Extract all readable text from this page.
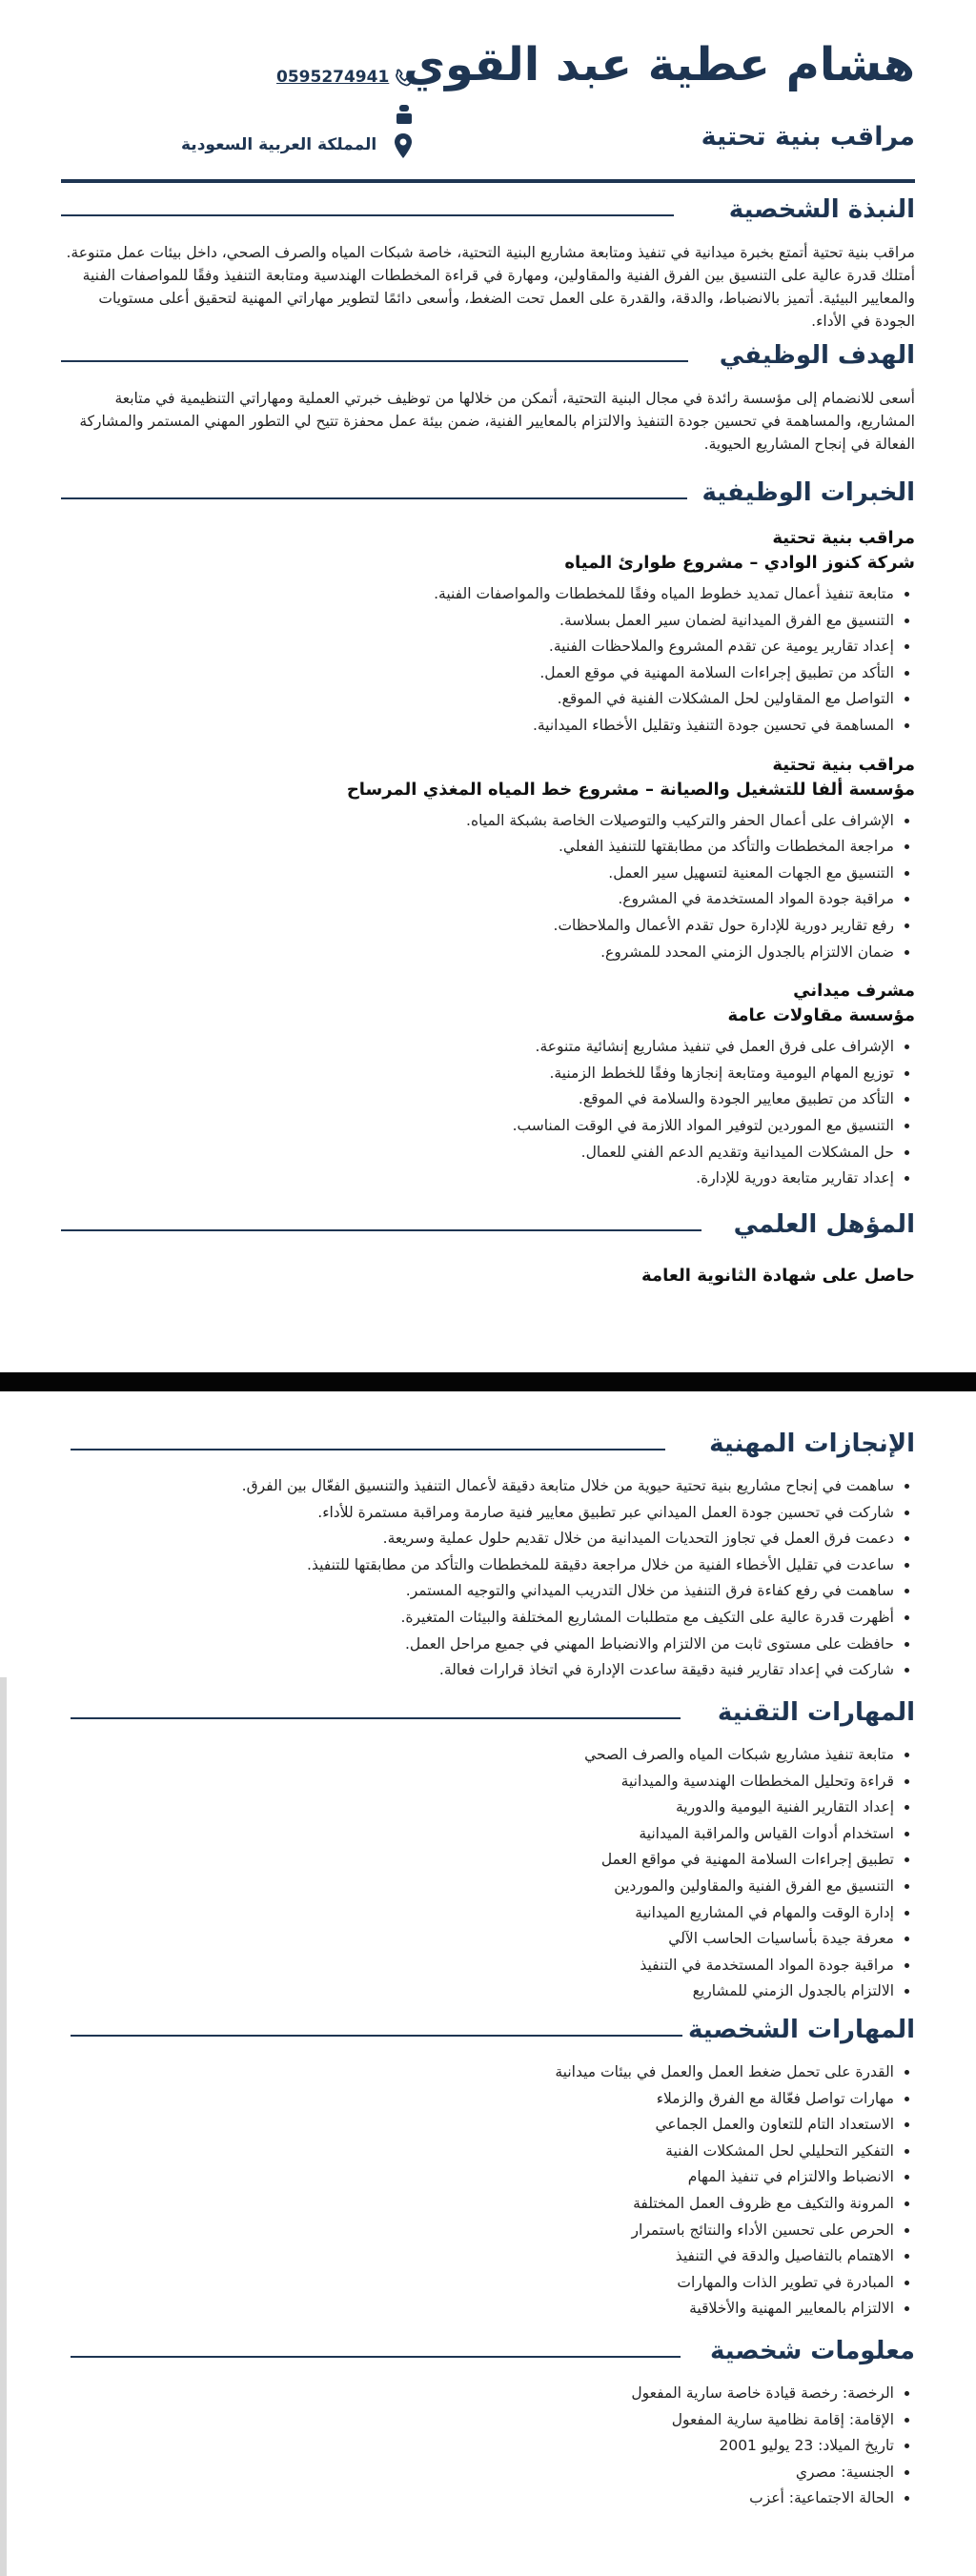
هشام عطية عبد القوي
مراقب بنية تحتية
0595274941
المملكة العربية السعودية
النبذة الشخصية

مراقب بنية تحتية أتمتع بخبرة ميدانية في تنفيذ ومتابعة مشاريع البنية التحتية، خاصة شبكات المياه والصرف الصحي، داخل بيئات عمل متنوعة. أمتلك قدرة عالية على التنسيق بين الفرق الفنية والمقاولين، ومهارة في قراءة المخططات الهندسية ومتابعة التنفيذ وفقًا للمواصفات الفنية والمعايير البيئية. أتميز بالانضباط، والدقة، والقدرة على العمل تحت الضغط، وأسعى دائمًا لتطوير مهاراتي المهنية لتحقيق أعلى مستويات الجودة في الأداء.

الهدف الوظيفي

أسعى للانضمام إلى مؤسسة رائدة في مجال البنية التحتية، أتمكن من خلالها من توظيف خبرتي العملية ومهاراتي التنظيمية في متابعة المشاريع، والمساهمة في تحسين جودة التنفيذ والالتزام بالمعايير الفنية، ضمن بيئة عمل محفزة تتيح لي التطور المهني المستمر والمشاركة الفعالة في إنجاح المشاريع الحيوية.

الخبرات الوظيفية

مراقب بنية تحتية

شركة كنوز الوادي – مشروع طوارئ المياه

• متابعة تنفيذ أعمال تمديد خطوط المياه وفقًا للمخططات والمواصفات الفنية.
• التنسيق مع الفرق الميدانية لضمان سير العمل بسلاسة.
• إعداد تقارير يومية عن تقدم المشروع والملاحظات الفنية.
• التأكد من تطبيق إجراءات السلامة المهنية في موقع العمل.
• التواصل مع المقاولين لحل المشكلات الفنية في الموقع.
• المساهمة في تحسين جودة التنفيذ وتقليل الأخطاء الميدانية.

مراقب بنية تحتية

مؤسسة ألفا للتشغيل والصيانة – مشروع خط المياه المغذي المرساح

• الإشراف على أعمال الحفر والتركيب والتوصيلات الخاصة بشبكة المياه.
• مراجعة المخططات والتأكد من مطابقتها للتنفيذ الفعلي.
• التنسيق مع الجهات المعنية لتسهيل سير العمل.
• مراقبة جودة المواد المستخدمة في المشروع.
• رفع تقارير دورية للإدارة حول تقدم الأعمال والملاحظات.
• ضمان الالتزام بالجدول الزمني المحدد للمشروع.

مشرف ميداني

مؤسسة مقاولات عامة

• الإشراف على فرق العمل في تنفيذ مشاريع إنشائية متنوعة.
• توزيع المهام اليومية ومتابعة إنجازها وفقًا للخطط الزمنية.
• التأكد من تطبيق معايير الجودة والسلامة في الموقع.
• التنسيق مع الموردين لتوفير المواد اللازمة في الوقت المناسب.
• حل المشكلات الميدانية وتقديم الدعم الفني للعمال.
• إعداد تقارير متابعة دورية للإدارة.
المؤهل العلمي

حاصل على شهادة الثانوية العامة

الإنجازات المهنية
• ساهمت في إنجاح مشاريع بنية تحتية حيوية من خلال متابعة دقيقة لأعمال التنفيذ والتنسيق الفعّال بين الفرق.
• شاركت في تحسين جودة العمل الميداني عبر تطبيق معايير فنية صارمة ومراقبة مستمرة للأداء.
• دعمت فرق العمل في تجاوز التحديات الميدانية من خلال تقديم حلول عملية وسريعة.
• ساعدت في تقليل الأخطاء الفنية من خلال مراجعة دقيقة للمخططات والتأكد من مطابقتها للتنفيذ.
• ساهمت في رفع كفاءة فرق التنفيذ من خلال التدريب الميداني والتوجيه المستمر.
• أظهرت قدرة عالية على التكيف مع متطلبات المشاريع المختلفة والبيئات المتغيرة.
• حافظت على مستوى ثابت من الالتزام والانضباط المهني في جميع مراحل العمل.
• شاركت في إعداد تقارير فنية دقيقة ساعدت الإدارة في اتخاذ قرارات فعالة.
المهارات التقنية
• متابعة تنفيذ مشاريع شبكات المياه والصرف الصحي
• قراءة وتحليل المخططات الهندسية والميدانية
• إعداد التقارير الفنية اليومية والدورية
• استخدام أدوات القياس والمراقبة الميدانية
• تطبيق إجراءات السلامة المهنية في مواقع العمل
• التنسيق مع الفرق الفنية والمقاولين والموردين
• إدارة الوقت والمهام في المشاريع الميدانية
• معرفة جيدة بأساسيات الحاسب الآلي
• مراقبة جودة المواد المستخدمة في التنفيذ
• الالتزام بالجدول الزمني للمشاريع
المهارات الشخصية
• القدرة على تحمل ضغط العمل والعمل في بيئات ميدانية
• مهارات تواصل فعّالة مع الفرق والزملاء
• الاستعداد التام للتعاون والعمل الجماعي
• التفكير التحليلي لحل المشكلات الفنية
• الانضباط والالتزام في تنفيذ المهام
• المرونة والتكيف مع ظروف العمل المختلفة
• الحرص على تحسين الأداء والنتائج باستمرار
• الاهتمام بالتفاصيل والدقة في التنفيذ
• المبادرة في تطوير الذات والمهارات
• الالتزام بالمعايير المهنية والأخلاقية
معلومات شخصية
• الرخصة: رخصة قيادة خاصة سارية المفعول
• الإقامة: إقامة نظامية سارية المفعول
• تاريخ الميلاد: 23 يوليو 2001
• الجنسية: مصري
• الحالة الاجتماعية: أعزب
